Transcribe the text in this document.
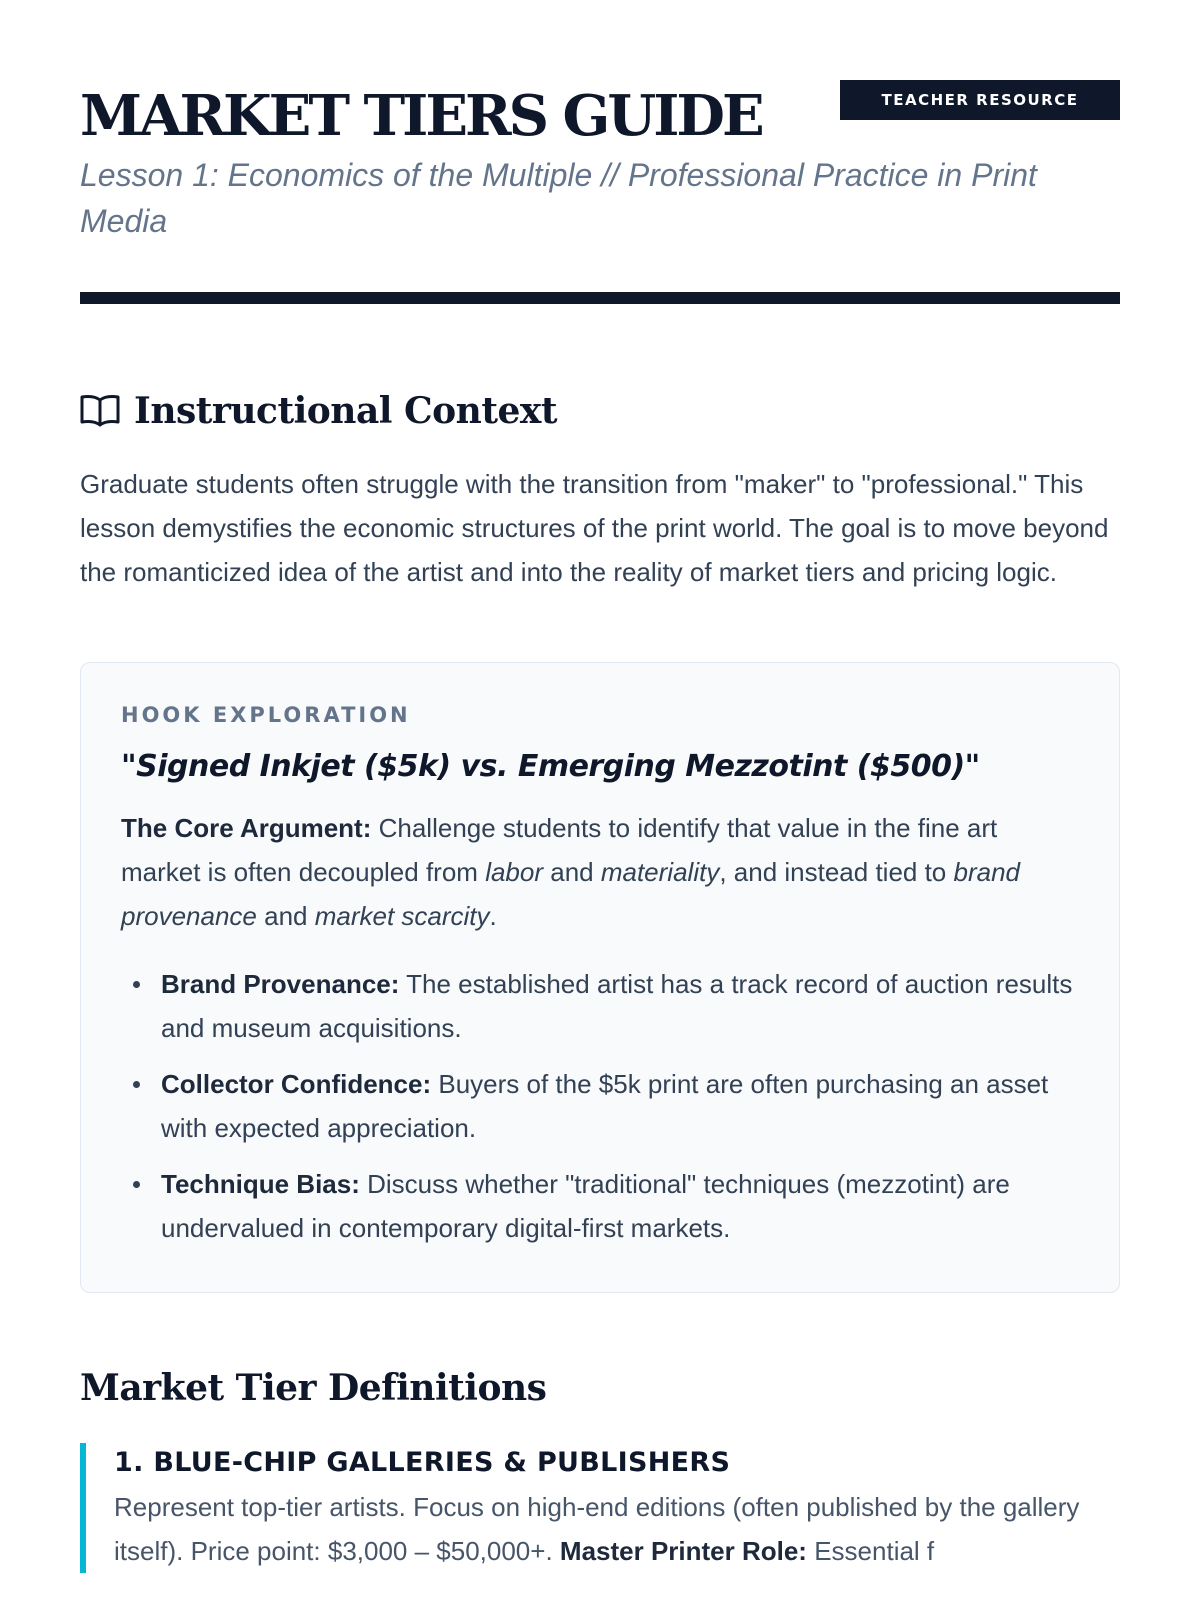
MARKET TIERS GUIDE	TEACHER RESOURCE
Lesson 1: Economics of the Multiple // Professional Practice in Print Media
Instructional Context

Graduate students often struggle with the transition from "maker" to "professional." This lesson demystifies the economic structures of the print world. The goal is to move beyond the romanticized idea of the artist and into the reality of market tiers and pricing logic.

HOOK EXPLORATION
"Signed Inkjet ($5k) vs. Emerging Mezzotint ($500)"

The Core Argument: Challenge students to identify that value in the fine art market is often decoupled from labor and materiality, and instead tied to brand provenance and market scarcity.

Brand Provenance: The established artist has a track record of auction results and museum acquisitions.
Collector Confidence: Buyers of the $5k print are often purchasing an asset with expected appreciation.
Technique Bias: Discuss whether "traditional" techniques (mezzotint) are undervalued in contemporary digital-first markets.
Market Tier Definitions
1. BLUE-CHIP GALLERIES & PUBLISHERS

Represent top-tier artists. Focus on high-end editions (often published by the gallery itself). Price point: $3,000 – $50,000+. Master Printer Role: Essential f
